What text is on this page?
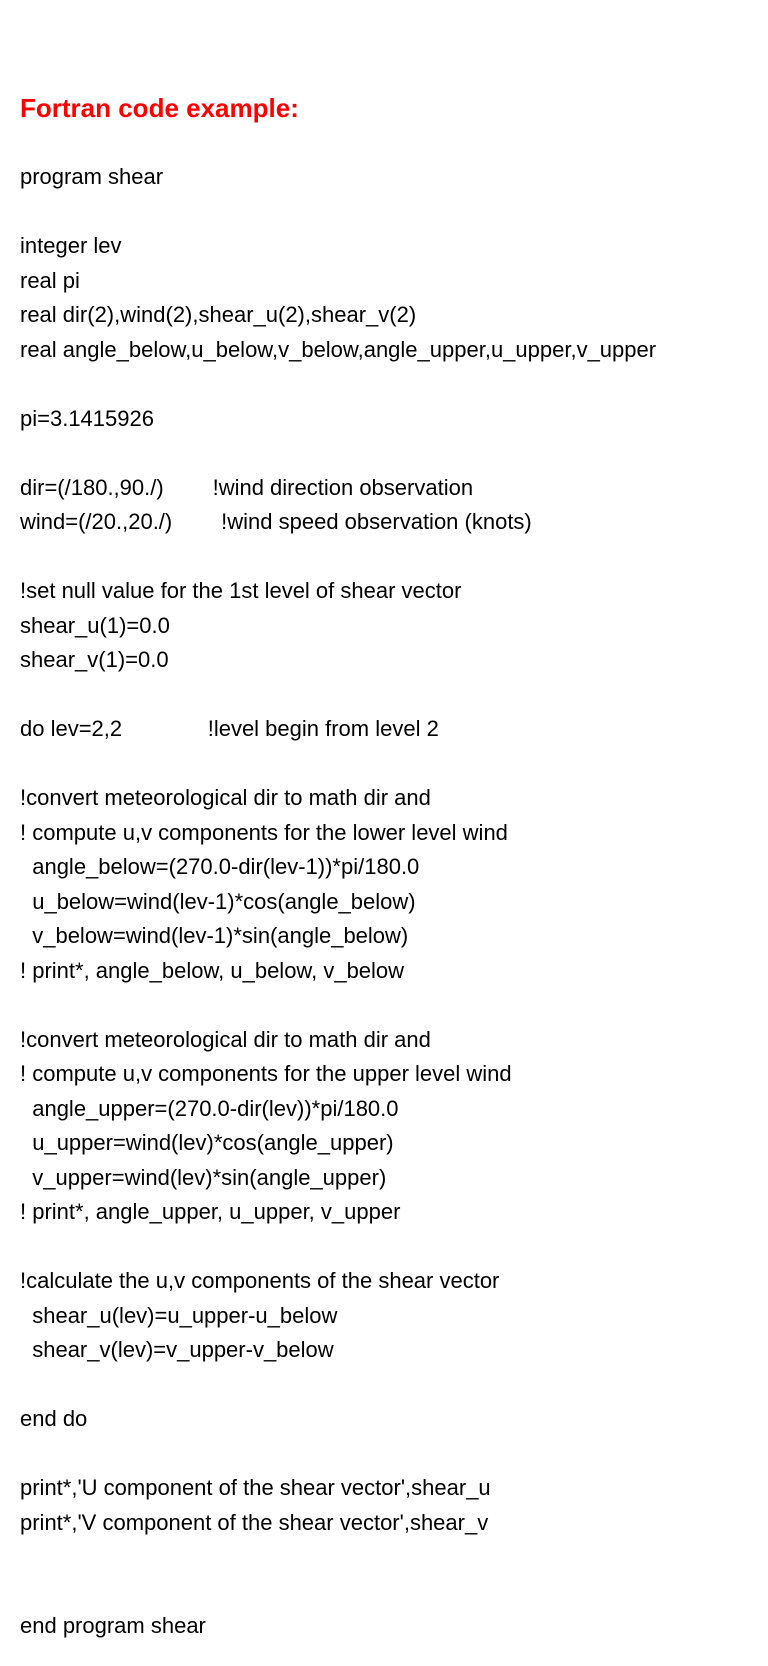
Fortran code example:
program shear
integer lev
real pi
real dir(2),wind(2),shear_u(2),shear_v(2)
real angle_below,u_below,v_below,angle_upper,u_upper,v_upper
pi=3.1415926
dir=(/180.,90./)        !wind direction observation
wind=(/20.,20./)        !wind speed observation (knots)
!set null value for the 1st level of shear vector
shear_u(1)=0.0
shear_v(1)=0.0
do lev=2,2              !level begin from level 2
!convert meteorological dir to math dir and
! compute u,v components for the lower level wind
angle_below=(270.0-dir(lev-1))*pi/180.0
u_below=wind(lev-1)*cos(angle_below)
v_below=wind(lev-1)*sin(angle_below)
! print*, angle_below, u_below, v_below
!convert meteorological dir to math dir and
! compute u,v components for the upper level wind
angle_upper=(270.0-dir(lev))*pi/180.0
u_upper=wind(lev)*cos(angle_upper)
v_upper=wind(lev)*sin(angle_upper)
! print*, angle_upper, u_upper, v_upper
!calculate the u,v components of the shear vector
shear_u(lev)=u_upper-u_below
shear_v(lev)=v_upper-v_below
end do
print*,'U component of the shear vector',shear_u
print*,'V component of the shear vector',shear_v
end program shear
